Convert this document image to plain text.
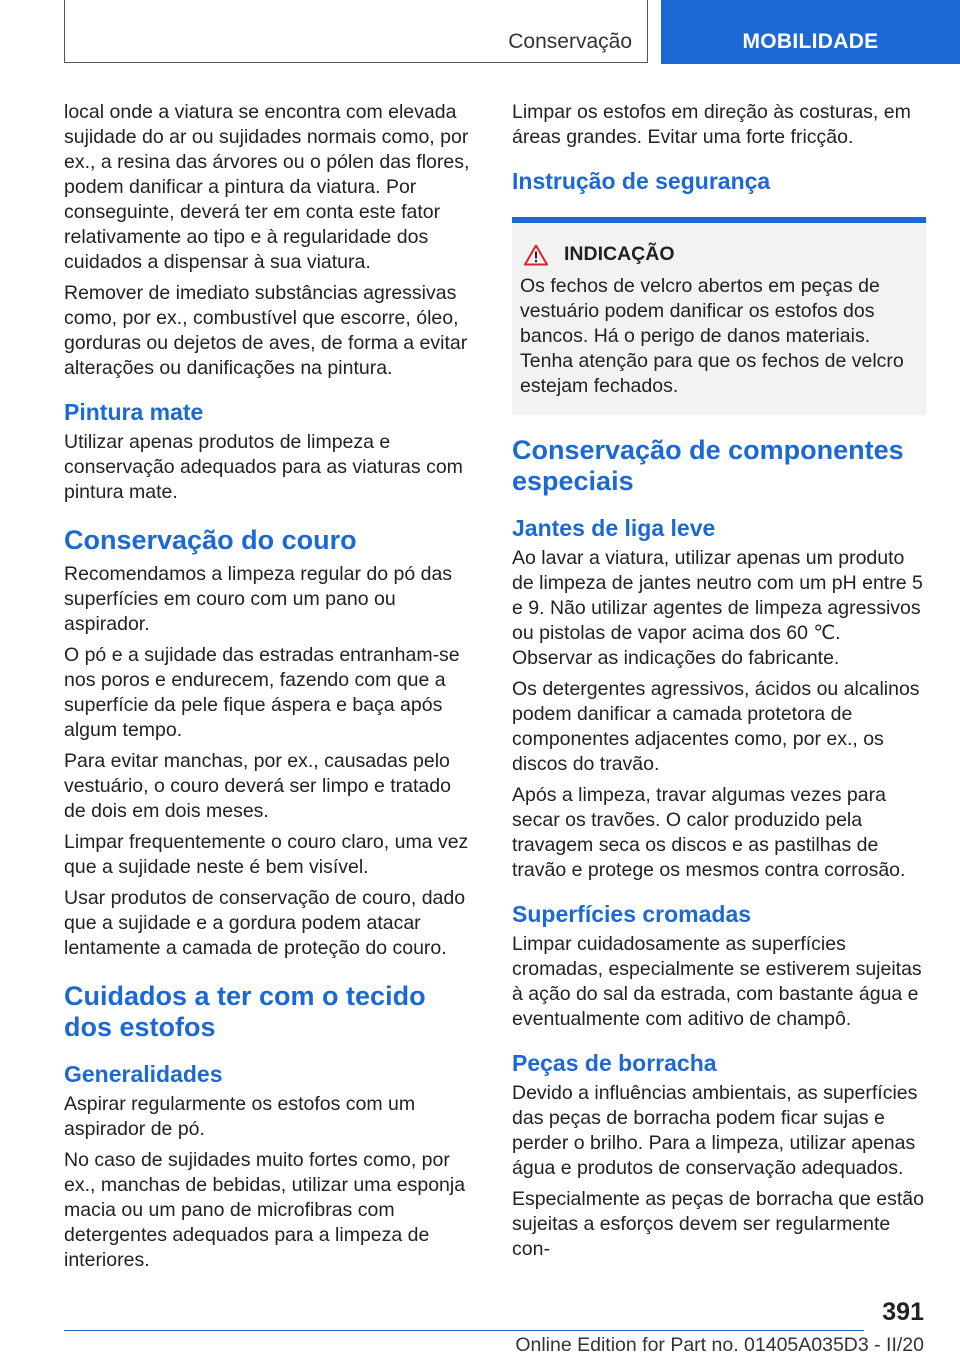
Conservação	MOBILIDADE

local onde a viatura se encontra com elevada sujidade do ar ou sujidades normais como, por ex., a resina das árvores ou o pólen das flores, podem danificar a pintura da viatura. Por conseguinte, deverá ter em conta este fator relativamente ao tipo e à regularidade dos cuidados a dispensar à sua viatura.

Remover de imediato substâncias agressivas como, por ex., combustível que escorre, óleo, gorduras ou dejetos de aves, de forma a evitar alterações ou danificações na pintura.

Pintura mate

Utilizar apenas produtos de limpeza e conservação adequados para as viaturas com pintura mate.

Conservação do couro

Recomendamos a limpeza regular do pó das superfícies em couro com um pano ou aspirador.

O pó e a sujidade das estradas entranham-se nos poros e endurecem, fazendo com que a superfície da pele fique áspera e baça após algum tempo.

Para evitar manchas, por ex., causadas pelo vestuário, o couro deverá ser limpo e tratado de dois em dois meses.

Limpar frequentemente o couro claro, uma vez que a sujidade neste é bem visível.

Usar produtos de conservação de couro, dado que a sujidade e a gordura podem atacar lentamente a camada de proteção do couro.

Cuidados a ter com o tecido dos estofos
Generalidades

Aspirar regularmente os estofos com um aspirador de pó.

No caso de sujidades muito fortes como, por ex., manchas de bebidas, utilizar uma esponja macia ou um pano de microfibras com detergentes adequados para a limpeza de interiores.

Limpar os estofos em direção às costuras, em áreas grandes. Evitar uma forte fricção.

Instrução de segurança
INDICAÇÃO

Os fechos de velcro abertos em peças de vestuário podem danificar os estofos dos bancos. Há o perigo de danos materiais. Tenha atenção para que os fechos de velcro estejam fechados.

Conservação de componentes especiais
Jantes de liga leve

Ao lavar a viatura, utilizar apenas um produto de limpeza de jantes neutro com um pH entre 5 e 9. Não utilizar agentes de limpeza agressivos ou pistolas de vapor acima dos 60 ℃. Observar as indicações do fabricante.

Os detergentes agressivos, ácidos ou alcalinos podem danificar a camada protetora de componentes adjacentes como, por ex., os discos do travão.

Após a limpeza, travar algumas vezes para secar os travões. O calor produzido pela travagem seca os discos e as pastilhas de travão e protege os mesmos contra corrosão.

Superfícies cromadas

Limpar cuidadosamente as superfícies cromadas, especialmente se estiverem sujeitas à ação do sal da estrada, com bastante água e eventualmente com aditivo de champô.

Peças de borracha

Devido a influências ambientais, as superfícies das peças de borracha podem ficar sujas e perder o brilho. Para a limpeza, utilizar apenas água e produtos de conservação adequados.

Especialmente as peças de borracha que estão sujeitas a esforços devem ser regularmente con-

391
Online Edition for Part no. 01405A035D3 - II/20
